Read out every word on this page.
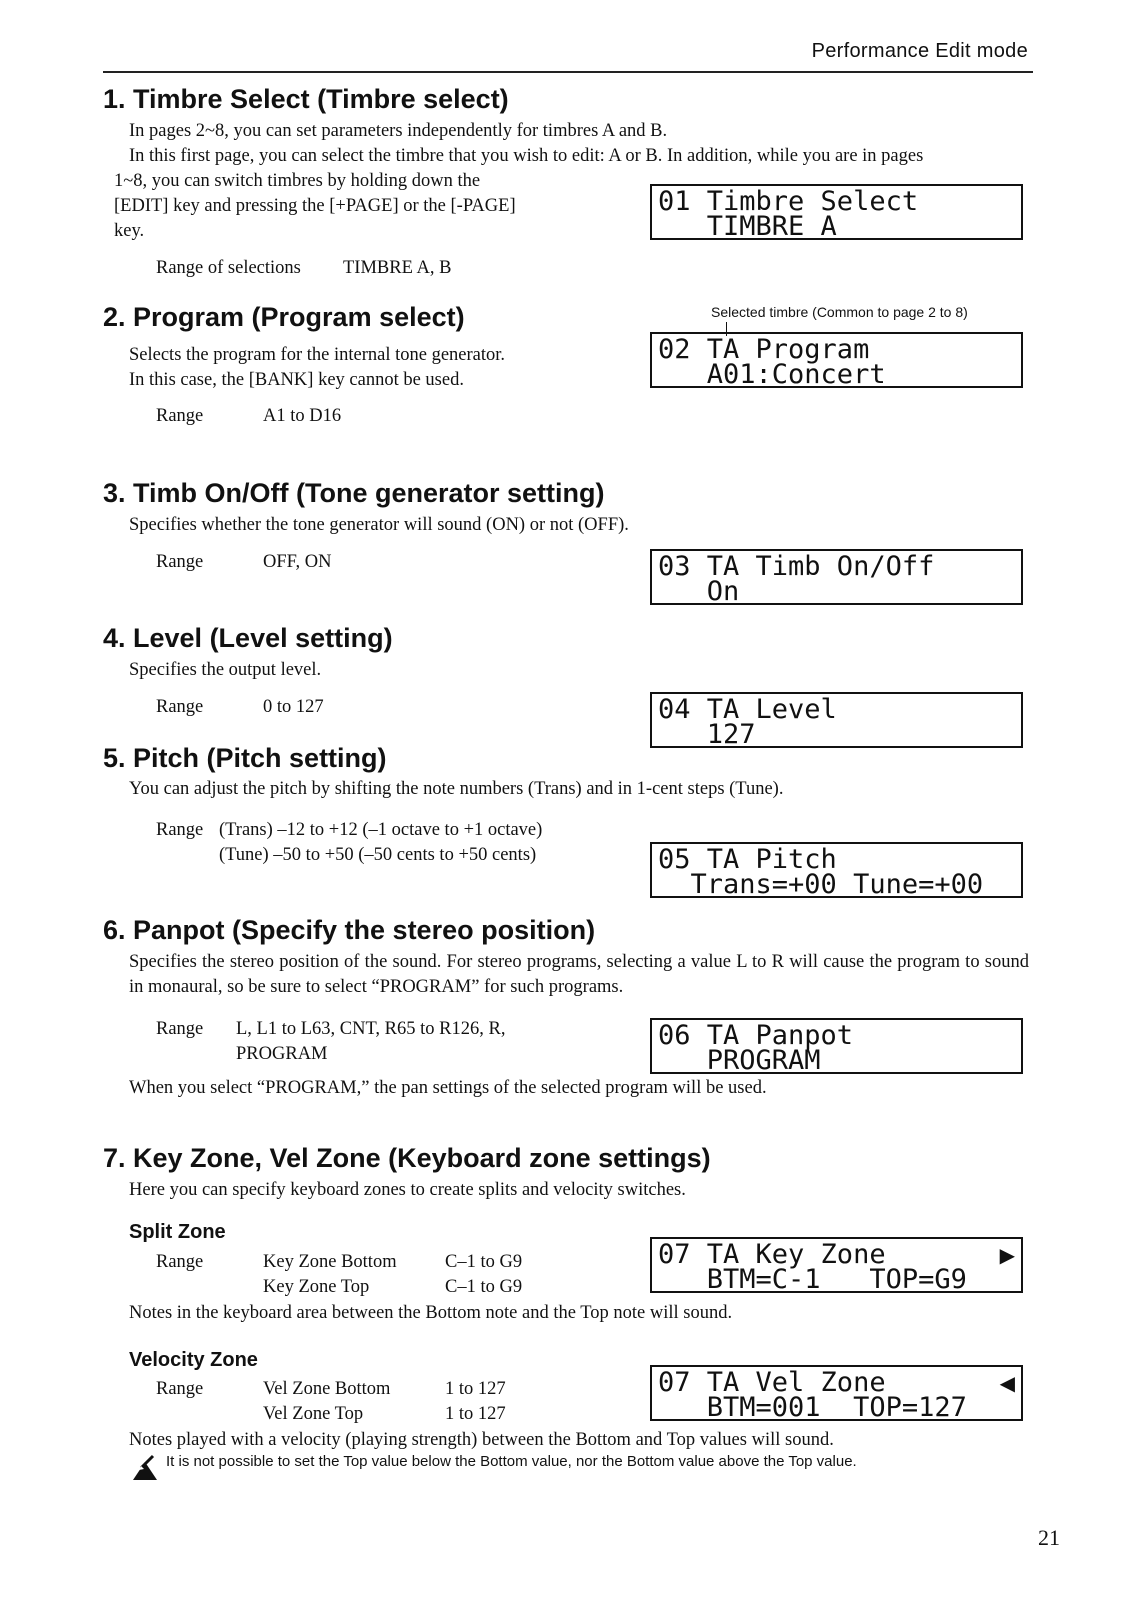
Performance Edit mode
1. Timbre Select (Timbre select)
In pages 2~8, you can set parameters independently for timbres A and B.
In this first page, you can select the timbre that you wish to edit: A or B. In addition, while you are in pages
1~8, you can switch timbres by holding down the
[EDIT] key and pressing the [+PAGE] or the [-PAGE]
key.
Range of selections TIMBRE A, B
01 Timbre Select
TIMBRE A
2. Program (Program select)
Selects the program for the internal tone generator.
In this case, the [BANK] key cannot be used.
Range	A1 to D16
Selected timbre (Common to page 2 to 8)
02 TA Program
A01:Concert
3. Timb On/Off (Tone generator setting)
Specifies whether the tone generator will sound (ON) or not (OFF).
Range	OFF, ON	03 TA Timb On/Off
On
4. Level (Level setting)
Specifies the output level.
Range	0 to 127	04 TA Level
127
5. Pitch (Pitch setting)
You can adjust the pitch by shifting the note numbers (Trans) and in 1-cent steps (Tune).
Range (Trans) –12 to +12 (–1 octave to +1 octave)
(Tune) –50 to +50 (–50 cents to +50 cents)	05 TA Pitch
Trans=+00 Tune=+00
6. Panpot (Specify the stereo position)
Specifies the stereo position of the sound. For stereo programs, selecting a value L to R will cause the program to sound in monaural, so be sure to select “PROGRAM” for such programs.
Range L, L1 to L63, CNT, R65 to R126, R,
PROGRAM
When you select “PROGRAM,” the pan settings of the selected program will be used.
06 TA Panpot
PROGRAM
7. Key Zone, Vel Zone (Keyboard zone settings)
Here you can specify keyboard zones to create splits and velocity switches.
Split Zone
Range	Key Zone Bottom	C–1 to G9
Key Zone Top	C–1 to G9
Notes in the keyboard area between the Bottom note and the Top note will sound.
07 TA Key Zone
BTM=C-1   TOP=G9
▶
Velocity Zone
Range	Vel Zone Bottom	1 to 127
Vel Zone Top	1 to 127
Notes played with a velocity (playing strength) between the Bottom and Top values will sound.
07 TA Vel Zone
BTM=001  TOP=127
◀
It is not possible to set the Top value below the Bottom value, nor the Bottom value above the Top value.
21
